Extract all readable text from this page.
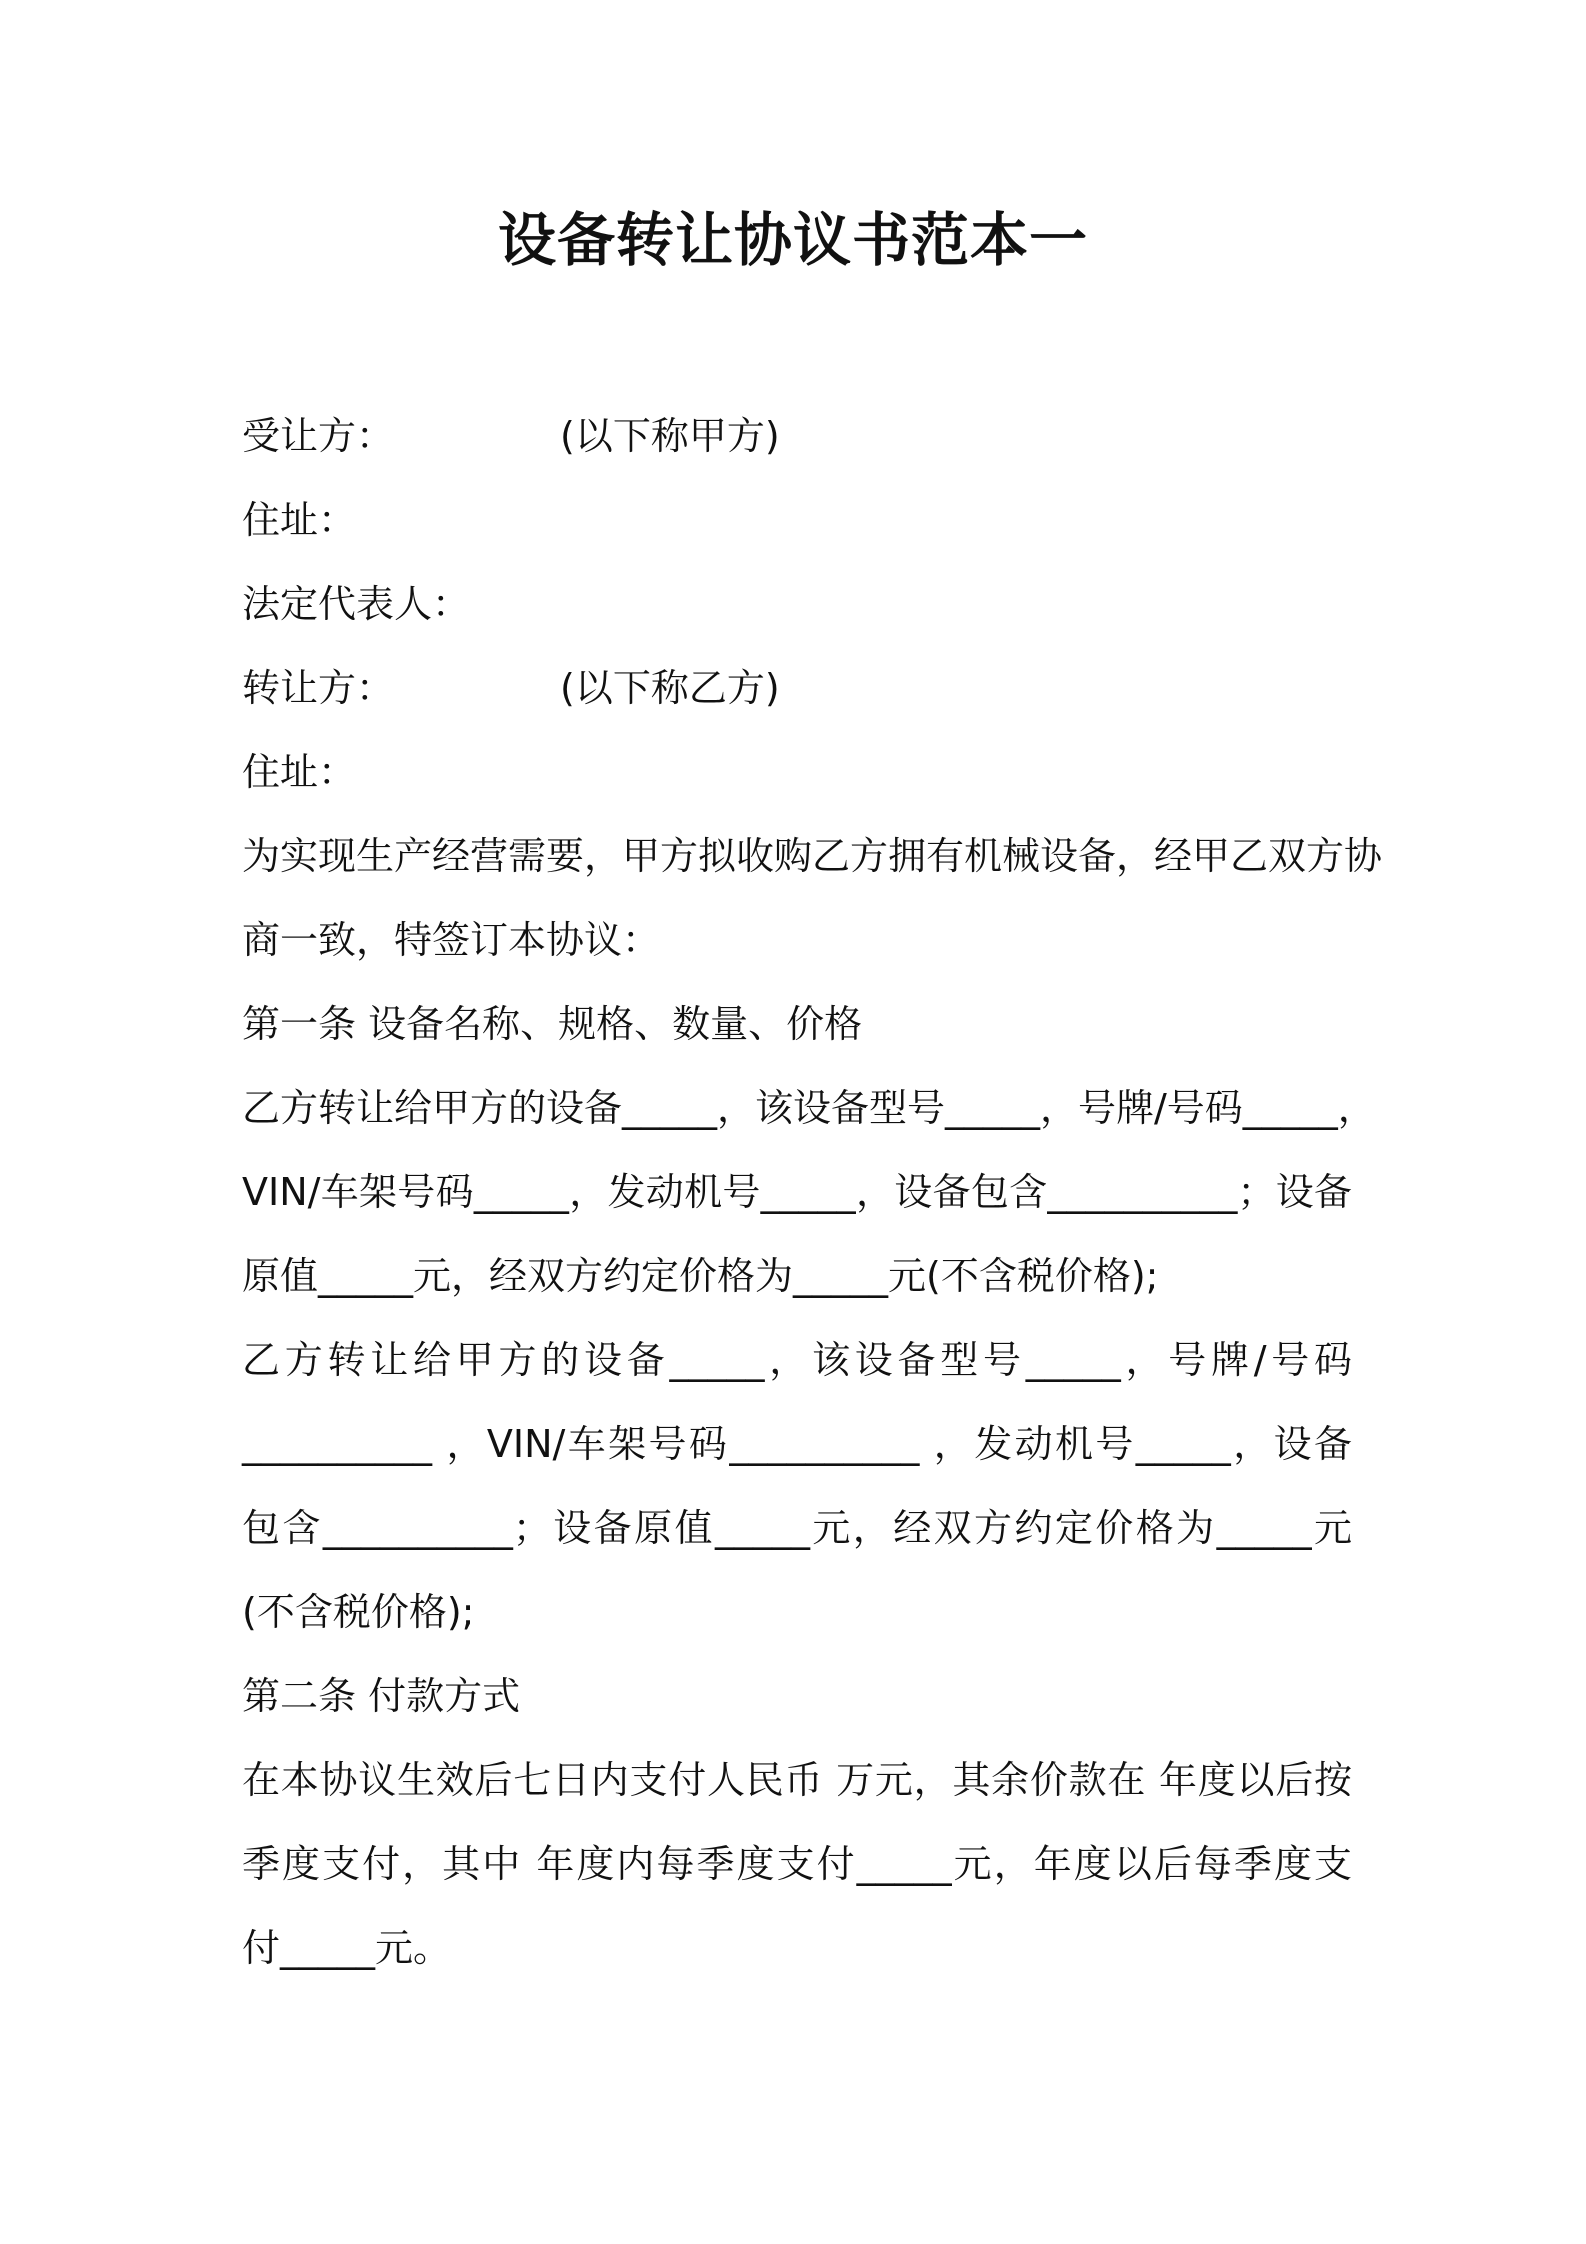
设备转让协议书范本一
受让方：	(以下称甲方)
住址：
法定代表人：
转让方：	(以下称乙方)
住址：
为实现生产经营需要，甲方拟收购乙方拥有机械设备，经甲乙双方协
商一致，特签订本协议：
第一条 设备名称、规格、数量、价格
乙方转让给甲方的设备_____，该设备型号_____，号牌/号码_____，
VIN/车架号码_____，发动机号_____，设备包含__________；设备
原值_____元，经双方约定价格为_____元(不含税价格);
乙方转让给甲方的设备_____，该设备型号_____，号牌/号码
__________ ，VIN/车架号码__________ ，发动机号_____，设备
包含__________；设备原值_____元，经双方约定价格为_____元
(不含税价格);
第二条 付款方式
在本协议生效后七日内支付人民币 万元，其余价款在 年度以后按
季度支付，其中 年度内每季度支付_____元，年度以后每季度支
付_____元。
